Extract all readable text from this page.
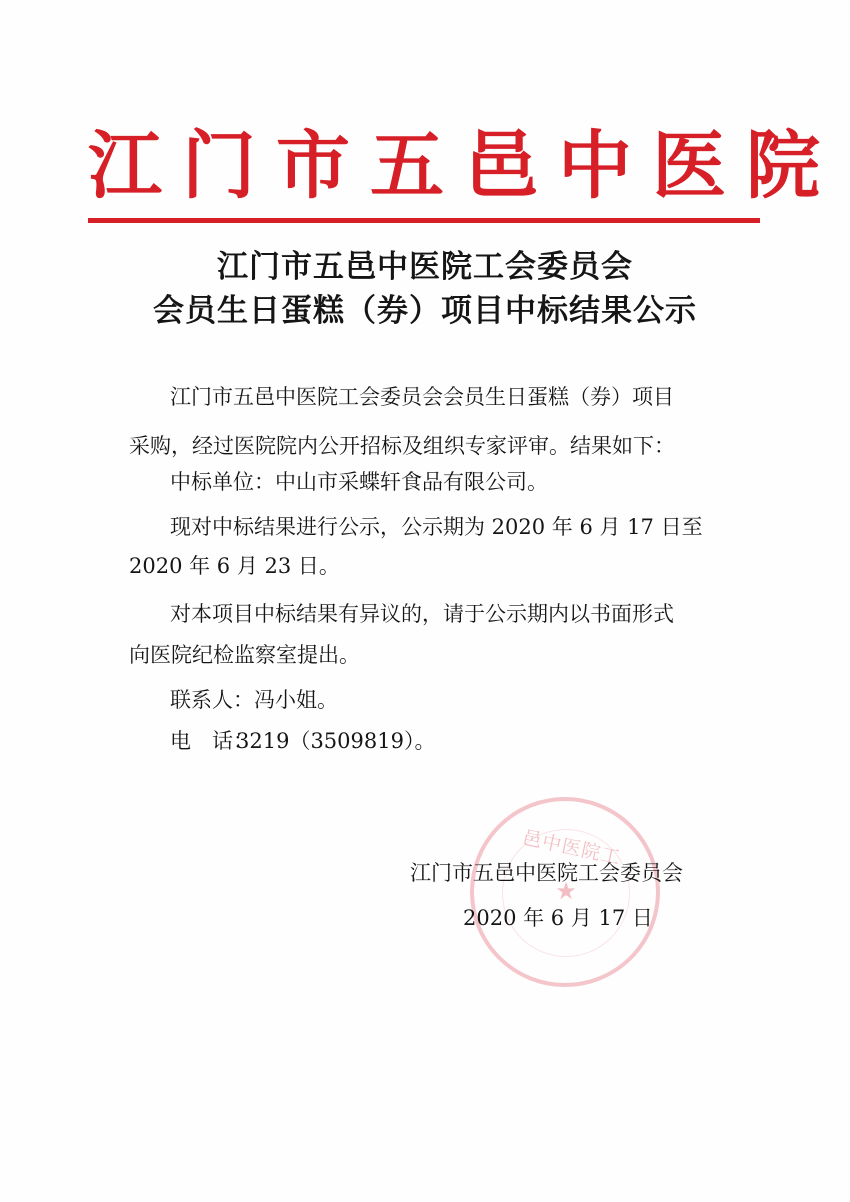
江门市五邑中医院
江门市五邑中医院工会委员会
会员生日蛋糕（券）项目中标结果公示
江门市五邑中医院工会委员会会员生日蛋糕（券）项目
采购，经过医院院内公开招标及组织专家评审。结果如下：
中标单位：中山市采蝶轩食品有限公司。
现对中标结果进行公示，公示期为 2020 年 6 月 17 日至
2020 年 6 月 23 日。
对本项目中标结果有异议的，请于公示期内以书面形式
向医院纪检监察室提出。
联系人：冯小姐。
电　话：3219（3509819）。
邑中医院工
★
江门市五邑中医院工会委员会
2020 年 6 月 17 日
